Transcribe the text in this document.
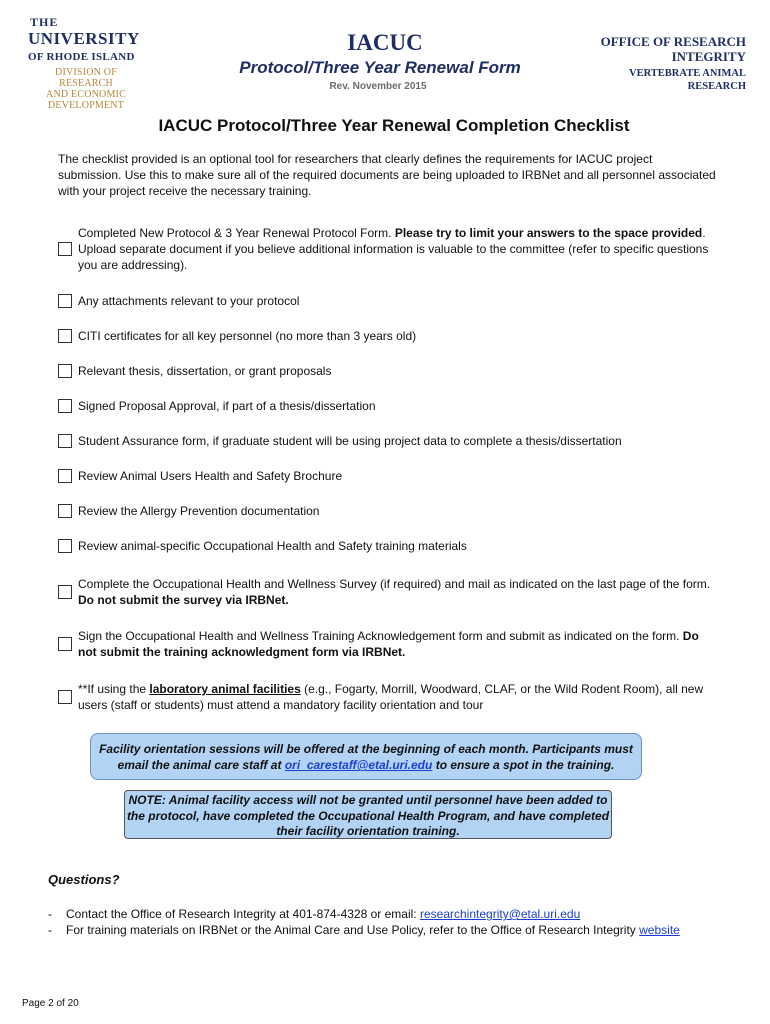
THE
UNIVERSITY
OF RHODE ISLAND
DIVISION OF RESEARCH
AND ECONOMIC
DEVELOPMENT
IACUC
Protocol/Three Year Renewal Form
Rev. November 2015
OFFICE OF RESEARCH
INTEGRITY
VERTEBRATE ANIMAL
RESEARCH
IACUC Protocol/Three Year Renewal Completion Checklist
The checklist provided is an optional tool for researchers that clearly defines the requirements for IACUC project submission. Use this to make sure all of the required documents are being uploaded to IRBNet and all personnel associated with your project receive the necessary training.
Completed New Protocol & 3 Year Renewal Protocol Form. Please try to limit your answers to the space provided. Upload separate document if you believe additional information is valuable to the committee (refer to specific questions you are addressing).
Any attachments relevant to your protocol
CITI certificates for all key personnel (no more than 3 years old)
Relevant thesis, dissertation, or grant proposals
Signed Proposal Approval, if part of a thesis/dissertation
Student Assurance form, if graduate student will be using project data to complete a thesis/dissertation
Review Animal Users Health and Safety Brochure
Review the Allergy Prevention documentation
Review animal-specific Occupational Health and Safety training materials
Complete the Occupational Health and Wellness Survey (if required) and mail as indicated on the last page of the form. Do not submit the survey via IRBNet.
Sign the Occupational Health and Wellness Training Acknowledgement form and submit as indicated on the form. Do not submit the training acknowledgment form via IRBNet.
**If using the laboratory animal facilities (e.g., Fogarty, Morrill, Woodward, CLAF, or the Wild Rodent Room), all new users (staff or students) must attend a mandatory facility orientation and tour
Facility orientation sessions will be offered at the beginning of each month. Participants must email the animal care staff at ori_carestaff@etal.uri.edu to ensure a spot in the training.
NOTE: Animal facility access will not be granted until personnel have been added to the protocol, have completed the Occupational Health Program, and have completed their facility orientation training.
Questions?
-	Contact the Office of Research Integrity at 401-874-4328 or email: researchintegrity@etal.uri.edu
-	For training materials on IRBNet or the Animal Care and Use Policy, refer to the Office of Research Integrity website
Page 2 of 20
